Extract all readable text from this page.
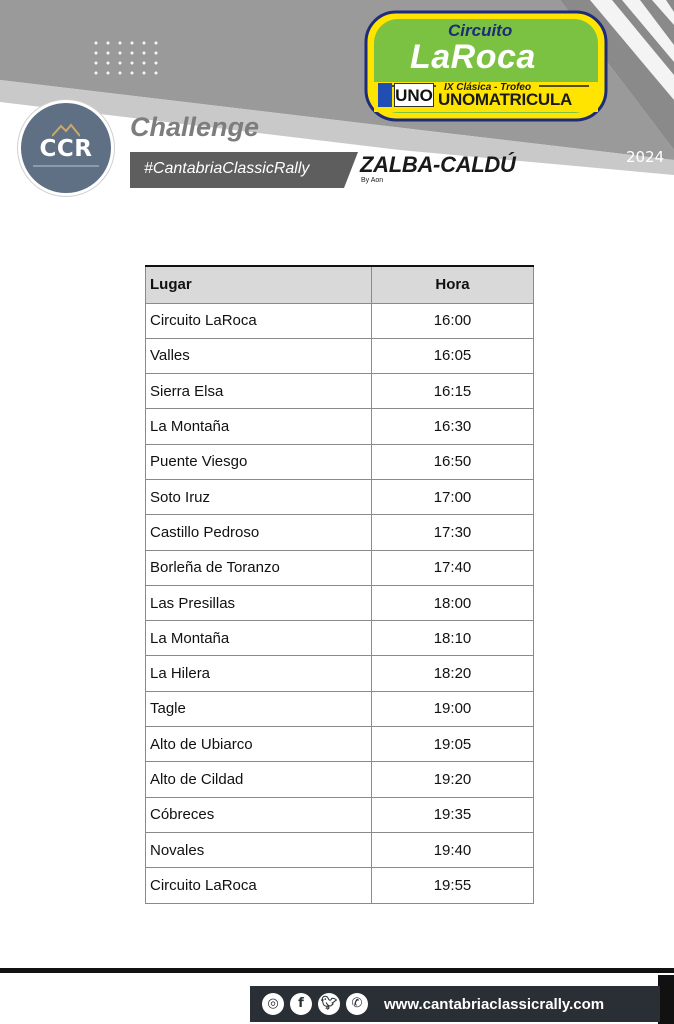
CCR
Challenge
#CantabriaClassicRally ZALBA-CALDÚ
By Aon
2024
Circuito
LaRoca
IX Clásica - Trofeo
UNO UNOMATRICULA
Lugar	Hora
Circuito LaRoca	16:00
Valles	16:05
Sierra Elsa	16:15
La Montaña	16:30
Puente Viesgo	16:50
Soto Iruz	17:00
Castillo Pedroso	17:30
Borleña de Toranzo	17:40
Las Presillas	18:00
La Montaña	18:10
La Hilera	18:20
Tagle	19:00
Alto de Ubiarco	19:05
Alto de Cildad	19:20
Cóbreces	19:35
Novales	19:40
Circuito LaRoca	19:55
◎	f	🐦︎	✆	www.cantabriaclassicrally.com
